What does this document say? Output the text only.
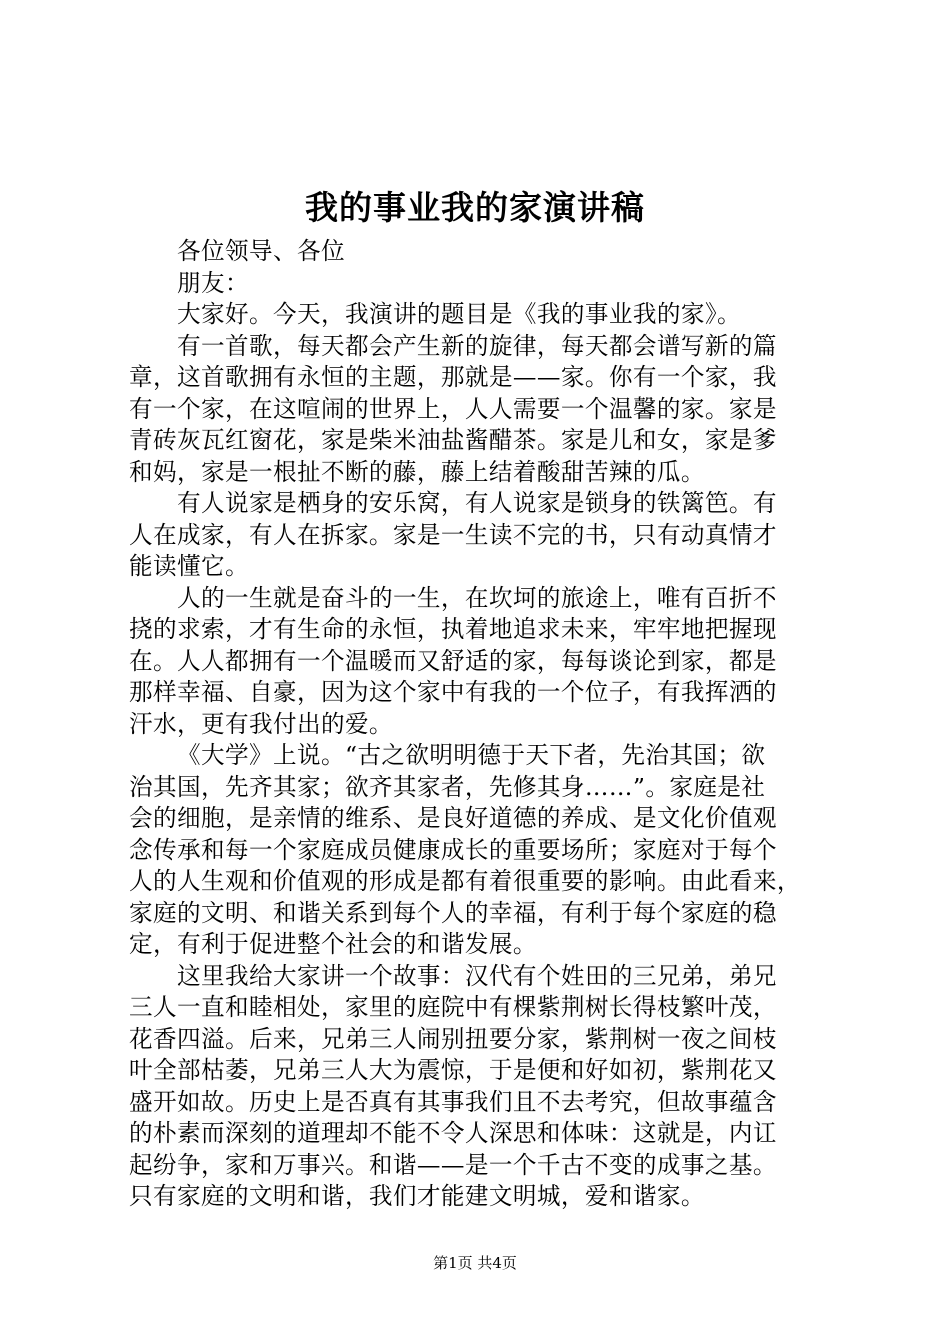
我的事业我的家演讲稿
各位领导、各位
朋友：
大家好。今天，我演讲的题目是《我的事业我的家》。
有一首歌，每天都会产生新的旋律，每天都会谱写新的篇
章，这首歌拥有永恒的主题，那就是——家。你有一个家，我
有一个家，在这喧闹的世界上，人人需要一个温馨的家。家是
青砖灰瓦红窗花，家是柴米油盐酱醋茶。家是儿和女，家是爹
和妈，家是一根扯不断的藤，藤上结着酸甜苦辣的瓜。
有人说家是栖身的安乐窝，有人说家是锁身的铁篱笆。有
人在成家，有人在拆家。家是一生读不完的书，只有动真情才
能读懂它。
人的一生就是奋斗的一生，在坎坷的旅途上，唯有百折不
挠的求索，才有生命的永恒，执着地追求未来，牢牢地把握现
在。人人都拥有一个温暖而又舒适的家，每每谈论到家，都是
那样幸福、自豪，因为这个家中有我的一个位子，有我挥洒的
汗水，更有我付出的爱。
《大学》上说。“古之欲明明德于天下者，先治其国；欲
治其国，先齐其家；欲齐其家者，先修其身……”。家庭是社
会的细胞，是亲情的维系、是良好道德的养成、是文化价值观
念传承和每一个家庭成员健康成长的重要场所；家庭对于每个
人的人生观和价值观的形成是都有着很重要的影响。由此看来，
家庭的文明、和谐关系到每个人的幸福，有利于每个家庭的稳
定，有利于促进整个社会的和谐发展。
这里我给大家讲一个故事：汉代有个姓田的三兄弟，弟兄
三人一直和睦相处，家里的庭院中有棵紫荆树长得枝繁叶茂，
花香四溢。后来，兄弟三人闹别扭要分家，紫荆树一夜之间枝
叶全部枯萎，兄弟三人大为震惊，于是便和好如初，紫荆花又
盛开如故。历史上是否真有其事我们且不去考究，但故事蕴含
的朴素而深刻的道理却不能不令人深思和体味：这就是，内讧
起纷争，家和万事兴。和谐——是一个千古不变的成事之基。
只有家庭的文明和谐，我们才能建文明城，爱和谐家。
第1页 共4页
